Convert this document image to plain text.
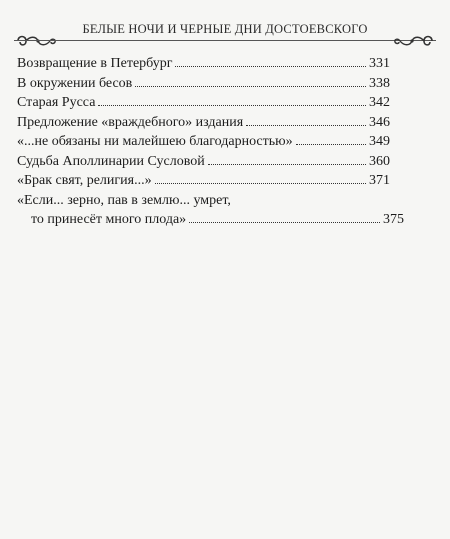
БЕЛЫЕ НОЧИ И ЧЕРНЫЕ ДНИ ДОСТОЕВСКОГО
Возвращение в Петербург	331
В окружении бесов	338
Старая Русса	342
Предложение «враждебного» издания	346
«...не обязаны ни малейшею благодарностью»	349
Судьба Аполлинарии Сусловой	360
«Брак свят, религия...»	371
«Если... зерно, пав в землю... умрет,
то принесёт много плода»	375
